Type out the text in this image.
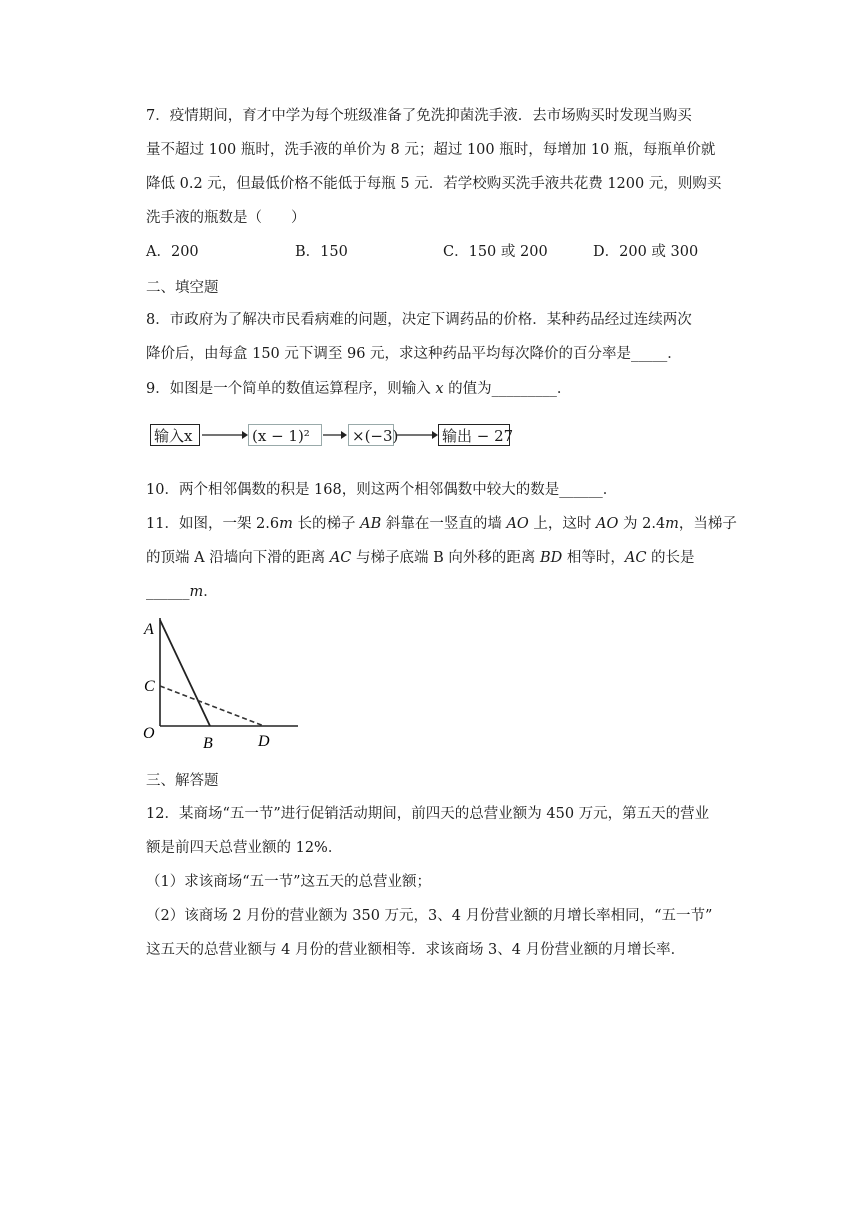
7．疫情期间，育才中学为每个班级准备了免洗抑菌洗手液．去市场购买时发现当购买
量不超过 100 瓶时，洗手液的单价为 8 元；超过 100 瓶时，每增加 10 瓶，每瓶单价就
降低 0.2 元，但最低价格不能低于每瓶 5 元．若学校购买洗手液共花费 1200 元，则购买
洗手液的瓶数是（　　）
A．200	B．150	C．150 或 200	D．200 或 300
二、填空题
8．市政府为了解决市民看病难的问题，决定下调药品的价格．某种药品经过连续两次
降价后，由每盒 150 元下调至 96 元，求这种药品平均每次降价的百分率是_____．
9．如图是一个简单的数值运算程序，则输入 x 的值为_________．
输入x	(x − 1)²	×(−3)	输出 − 27
10．两个相邻偶数的积是 168，则这两个相邻偶数中较大的数是______．
11．如图，一架 2.6m 长的梯子 AB 斜靠在一竖直的墙 AO 上，这时 AO 为 2.4m，当梯子
的顶端 A 沿墙向下滑的距离 AC 与梯子底端 B 向外移的距离 BD 相等时，AC 的长是
______m．
A
C
O
B	D
三、解答题
12．某商场“五一节”进行促销活动期间，前四天的总营业额为 450 万元，第五天的营业
额是前四天总营业额的 12%．
（1）求该商场“五一节”这五天的总营业额；
（2）该商场 2 月份的营业额为 350 万元，3、4 月份营业额的月增长率相同，“五一节”
这五天的总营业额与 4 月份的营业额相等．求该商场 3、4 月份营业额的月增长率．
